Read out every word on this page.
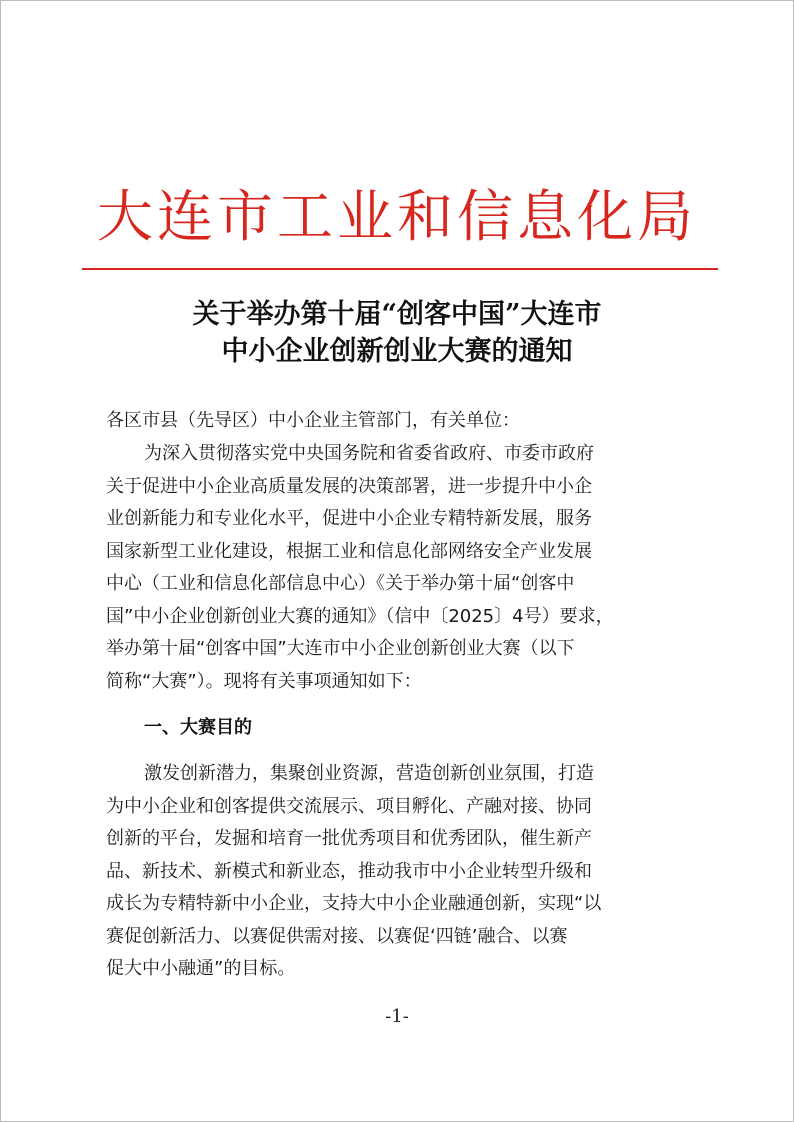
大连市工业和信息化局
关于举办第十届“创客中国”大连市
中小企业创新创业大赛的通知
各区市县（先导区）中小企业主管部门，有关单位：
为深入贯彻落实党中央国务院和省委省政府、市委市政府
关于促进中小企业高质量发展的决策部署，进一步提升中小企
业创新能力和专业化水平，促进中小企业专精特新发展，服务
国家新型工业化建设，根据工业和信息化部网络安全产业发展
中心（工业和信息化部信息中心）《关于举办第十届“创客中
国”中小企业创新创业大赛的通知》（信中〔2025〕4号）要求，
举办第十届“创客中国”大连市中小企业创新创业大赛（以下
简称“大赛”）。现将有关事项通知如下：
一、大赛目的
激发创新潜力，集聚创业资源，营造创新创业氛围，打造
为中小企业和创客提供交流展示、项目孵化、产融对接、协同
创新的平台，发掘和培育一批优秀项目和优秀团队，催生新产
品、新技术、新模式和新业态，推动我市中小企业转型升级和
成长为专精特新中小企业，支持大中小企业融通创新，实现“以
赛促创新活力、以赛促供需对接、以赛促‘四链’融合、以赛
促大中小融通”的目标。
-1-
